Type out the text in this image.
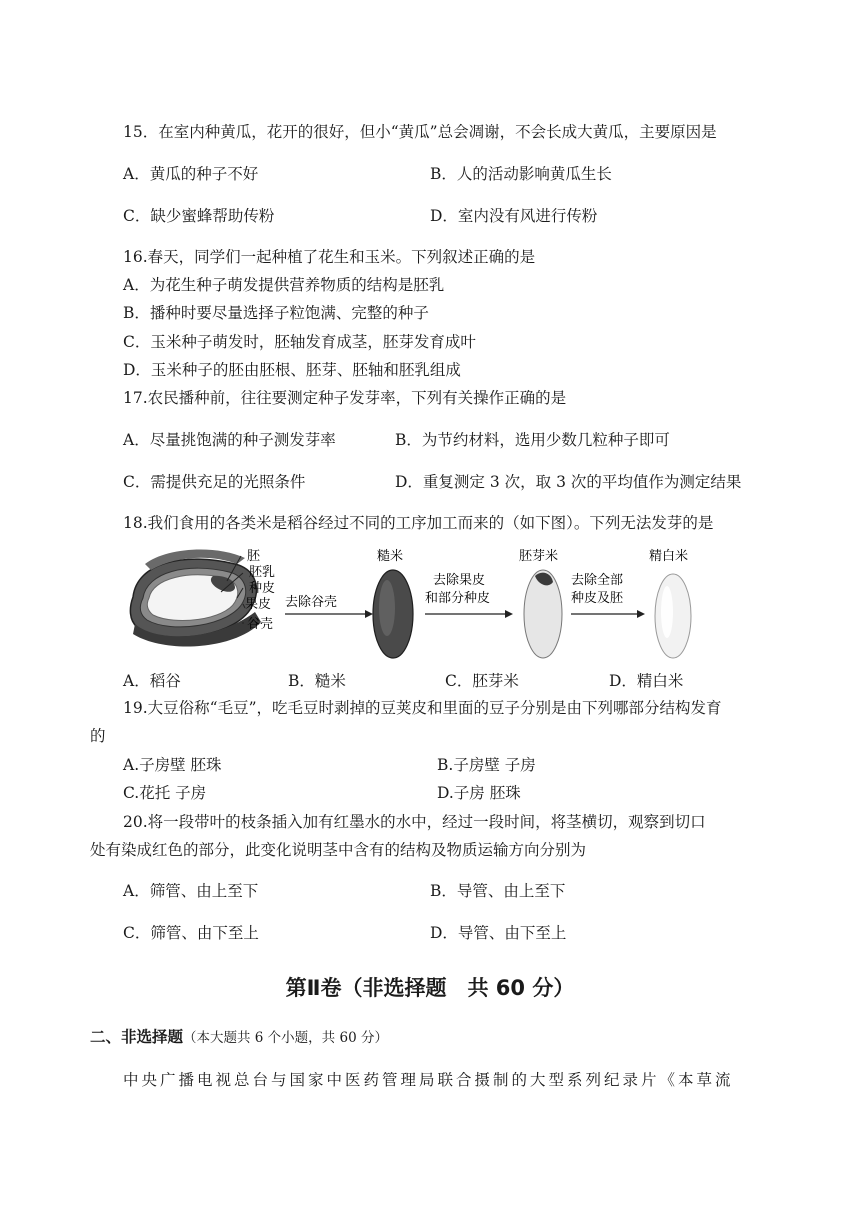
15．在室内种黄瓜，花开的很好，但小“黄瓜”总会凋谢，不会长成大黄瓜，主要原因是
A．黄瓜的种子不好	B．人的活动影响黄瓜生长
C．缺少蜜蜂帮助传粉	D．室内没有风进行传粉
16.春天，同学们一起种植了花生和玉米。下列叙述正确的是
A．为花生种子萌发提供营养物质的结构是胚乳
B．播种时要尽量选择子粒饱满、完整的种子
C．玉米种子萌发时，胚轴发育成茎，胚芽发育成叶
D．玉米种子的胚由胚根、胚芽、胚轴和胚乳组成
17.农民播种前，往往要测定种子发芽率，下列有关操作正确的是
A．尽量挑饱满的种子测发芽率	B．为节约材料，选用少数几粒种子即可
C．需提供充足的光照条件	D．重复测定 3 次，取 3 次的平均值作为测定结果
18.我们食用的各类米是稻谷经过不同的工序加工而来的（如下图）。下列无法发芽的是
胚
胚乳
种皮
果皮
谷壳
去除谷壳
糙米
去除果皮
和部分种皮
胚芽米
去除全部
种皮及胚
精白米
A．稻谷	B．糙米	C．胚芽米	D．精白米
19.大豆俗称“毛豆”，吃毛豆时剥掉的豆荚皮和里面的豆子分别是由下列哪部分结构发育
的
A.子房壁 胚珠	B.子房壁 子房
C.花托 子房	D.子房 胚珠
20.将一段带叶的枝条插入加有红墨水的水中，经过一段时间，将茎横切，观察到切口
处有染成红色的部分，此变化说明茎中含有的结构及物质运输方向分别为
A．筛管、由上至下	B．导管、由上至下
C．筛管、由下至上	D．导管、由下至上
第Ⅱ卷（非选择题　共 60 分）
二、非选择题（本大题共 6 个小题，共 60 分）
中央广播电视总台与国家中医药管理局联合摄制的大型系列纪录片《本草流
